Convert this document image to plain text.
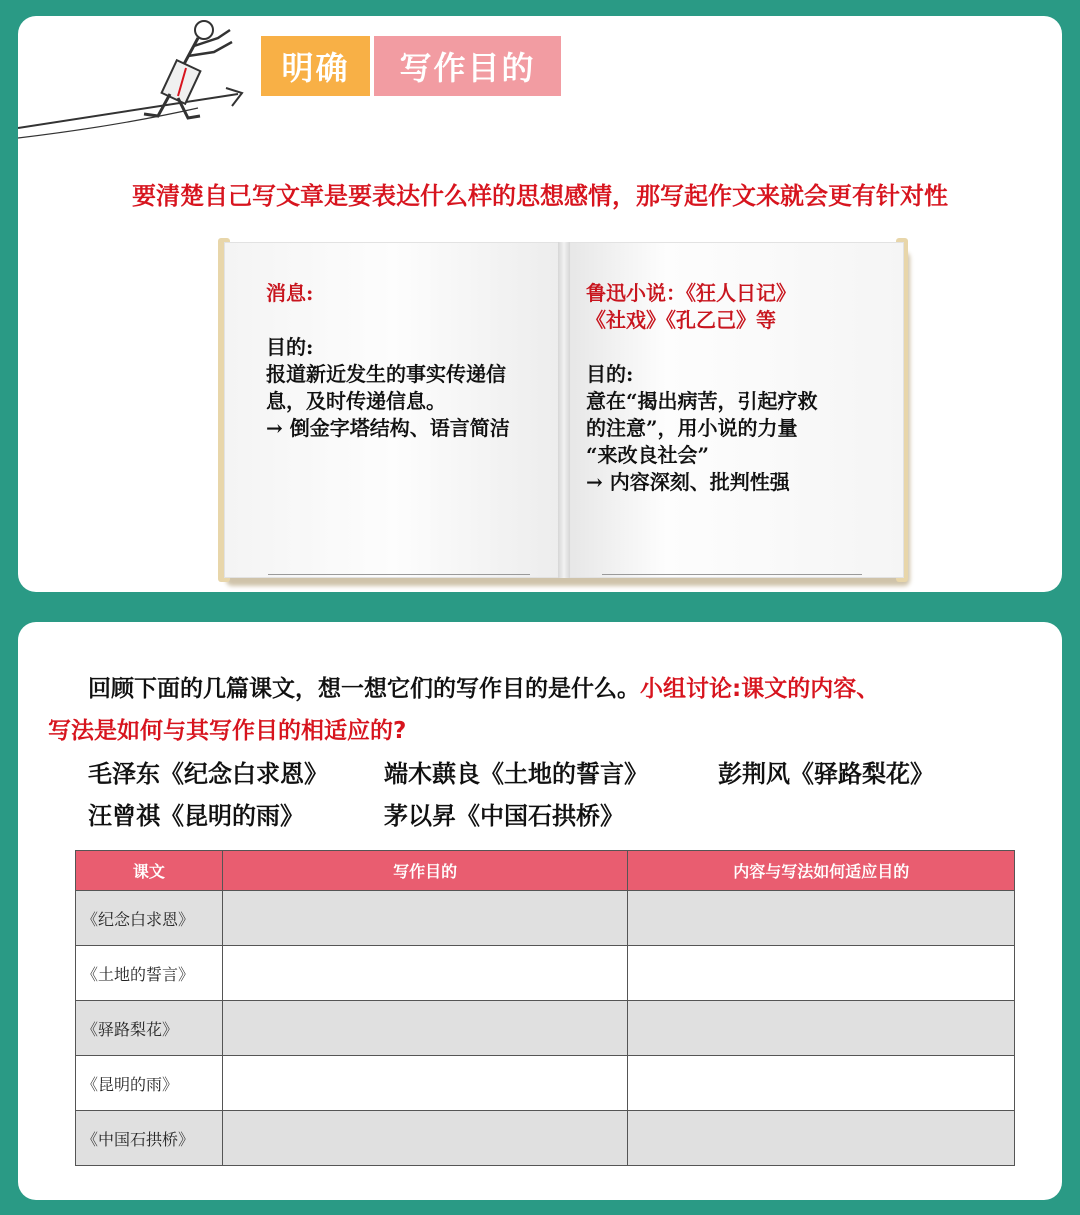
明确	写作目的
要清楚自己写文章是要表达什么样的思想感情，那写起作文来就会更有针对性
消息:
目的:
报道新近发生的事实传递信
息，及时传递信息。
→ 倒金字塔结构、语言简洁
鲁迅小说：《狂人日记》
《社戏》《孔乙己》等
目的:
意在“揭出病苦，引起疗救
的注意”，用小说的力量
“来改良社会”
→ 内容深刻、批判性强
回顾下面的几篇课文，想一想它们的写作目的是什么。小组讨论:课文的内容、
写法是如何与其写作目的相适应的?
毛泽东《纪念白求恩》 端木蕻良《土地的誓言》	彭荆风《驿路梨花》
汪曾祺《昆明的雨》	茅以昇《中国石拱桥》
课文	写作目的	内容与写法如何适应目的
《纪念白求恩》		
《土地的誓言》		
《驿路梨花》		
《昆明的雨》		
《中国石拱桥》		
